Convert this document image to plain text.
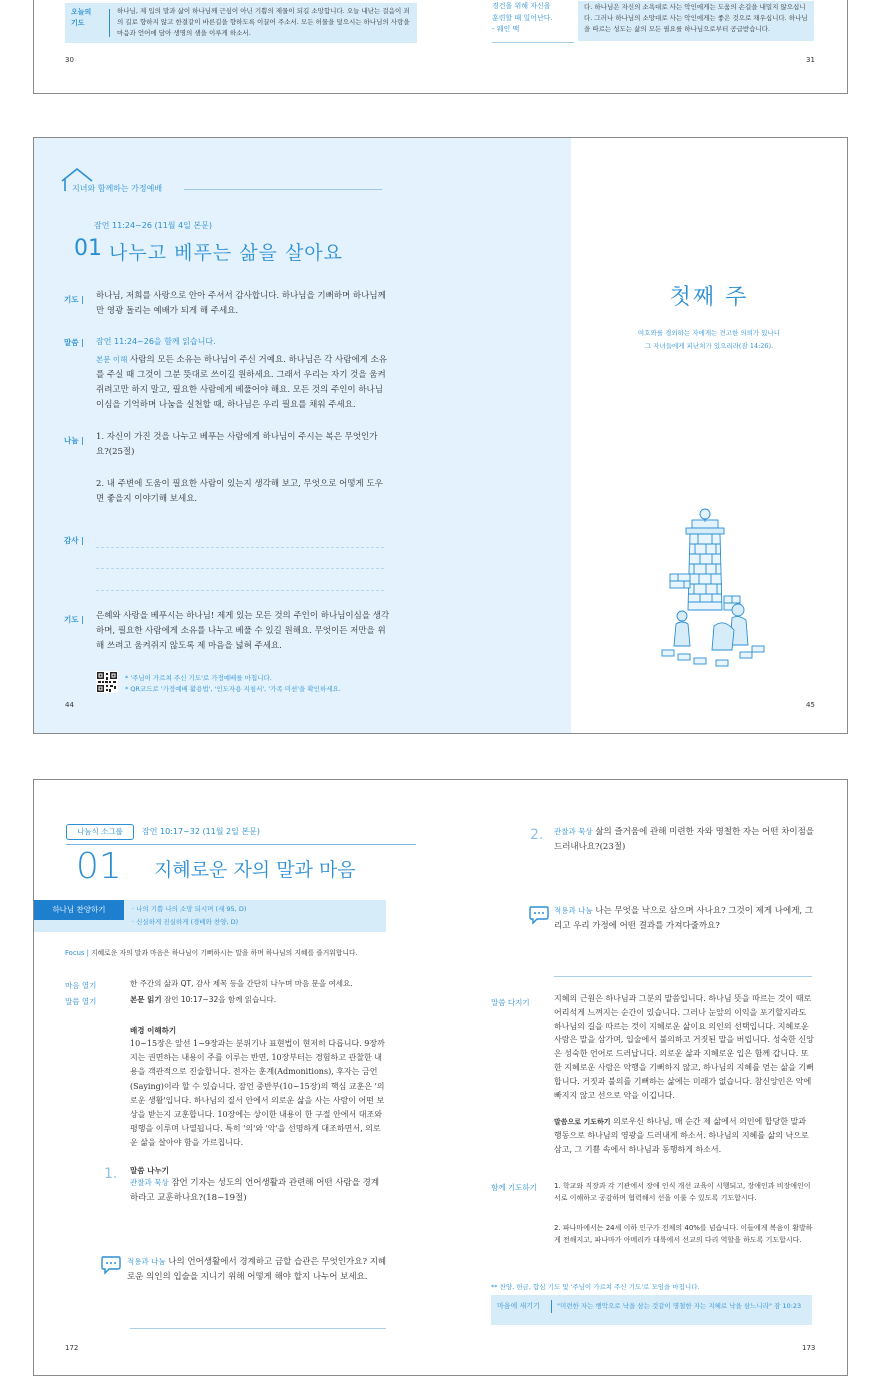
오늘의
기도
하나님, 제 입의 말과 삶이 하나님께 근심이 아닌 기쁨의 제물이 되길 소망합니다. 오늘 내난는 걸음이 죄의 길로 향하지 않고 한결같이 바른길을 향하도록 이끌어 주소서. 모든 허물을 덮으시는 하나님의 사랑을 마음과 언어에 담아 생명의 샘을 이루게 하소서.
30
경건을 위해 자신을
훈련할 때 일어난다.
- 웨인 맥
다. 하나님은 자신의 소욕대로 사는 악인에게는 도움의 손길을 내밀지 않으십니다. 그러나 하나님의 소망대로 사는 악인에게는 좋은 것으로 채우십니다. 하나님을 따르는 성도는 삶의 모든 필요를 하나님으로부터 공급받습니다.
31
지녀와 함께하는 가정예배
잠언 11:24~26 (11월 4일 본문)
01 나누고 베푸는 삶을 살아요
기도 | 하나님, 저희를 사랑으로 안아 주셔서 감사합니다. 하나님을 기뻐하며 하나님께만 영광 돌리는 예배가 되게 해 주세요.
말씀 | 잠언 11:24~26을 함께 읽습니다.
본문 이해 사람의 모든 소유는 하나님이 주신 거예요. 하나님은 각 사람에게 소유를 주실 때 그것이 그분 뜻대로 쓰이길 원하세요. 그래서 우리는 자기 것을 움켜쥐려고만 하지 말고, 필요한 사람에게 베풀어야 해요. 모든 것의 주인이 하나님이심을 기억하며 나눔을 실천할 때, 하나님은 우리 필요를 채워 주세요.
나눔 | 1. 자신이 가진 것을 나누고 베푸는 사람에게 하나님이 주시는 복은 무엇인가요?(25절)
2. 내 주변에 도움이 필요한 사람이 있는지 생각해 보고, 무엇으로 어떻게 도우면 좋을지 이야기해 보세요.
감사 |
기도 | 은혜와 사랑을 베푸시는 하나님! 제게 있는 모든 것의 주인이 하나님이심을 생각하며, 필요한 사람에게 소유를 나누고 베풀 수 있길 원해요. 무엇이든 저만을 위해 쓰려고 움켜쥐지 않도록 제 마음을 넓혀 주세요.
* '주님이 가르쳐 주신 기도'로 가정예배를 마칩니다.
* QR코드로 '가정예배 활용법', '인도자용 지침서', '가족 미션'을 확인하세요.
44
첫째 주
여호와를 경외하는 자에게는 견고한 의뢰가 있나니
그 자녀들에게 피난처가 있으리라(잠 14:26).
45
나눔식 소그룹	잠언 10:17~32 (11월 2일 본문)
01 지혜로운 자의 말과 마음
하나님 찬양하기	· 나의 기쁨 나의 소망 되시며 (새 95, D)
· 신실하게 진실하게 (경배와 찬양, D)
Focus | 지혜로운 자의 말과 마음은 하나님이 기뻐하시는 말을 하며 하나님의 지혜를 즐거워합니다.
마음 열기	한 주간의 삶과 QT, 감사 제목 등을 간단히 나누며 마음 문을 여세요.
말씀 열기	본문 읽기 잠언 10:17~32을 함께 읽습니다.
배경 이해하기
10~15장은 앞선 1~9장과는 분위기나 표현법이 현저히 다릅니다. 9장까지는 권면하는 내용이 주를 이루는 반면, 10장부터는 경험하고 관찰한 내용을 객관적으로 진술합니다. 전자는 훈계(Admonitions), 후자는 금언(Saying)이라 할 수 있습니다. 잠언 중반부(10~15장)의 핵심 교훈은 '의로운 생활'입니다. 하나님의 질서 안에서 의로운 삶을 사는 사람이 어떤 보상을 받는지 교훈합니다. 10장에는 상이한 내용이 한 구절 안에서 대조와 평행을 이루며 나열됩니다. 특히 '의'와 '악'을 선명하게 대조하면서, 의로운 삶을 살아야 함을 가르칩니다.
1. 말씀 나누기
관찰과 묵상 잠언 기자는 성도의 언어생활과 관련해 어떤 사람을 경계하라고 교훈하나요?(18~19절)
적용과 나눔 나의 언어생활에서 경계하고 금할 습관은 무엇인가요? 지혜로운 의인의 입술을 지니기 위해 어떻게 해야 할지 나누어 보세요.
172
2. 관찰과 묵상 삶의 즐거움에 관해 미련한 자와 명철한 자는 어떤 차이점을 드러내나요?(23절)
적용과 나눔 나는 무엇을 낙으로 삼으며 사나요? 그것이 제게 나에게, 그리고 우리 가정에 어떤 결과를 가져다줄까요?
말씀 다지기	지혜의 근원은 하나님과 그분의 말씀입니다. 하나님 뜻을 따르는 것이 때로 어리석게 느껴지는 순간이 있습니다. 그러나 눈앞의 이익을 포기할지라도 하나님의 길을 따르는 것이 지혜로운 삶이요 의인의 선택입니다. 지혜로운 사람은 말을 삼가며, 입술에서 불의하고 거짓된 말을 버립니다. 성숙한 신앙은 성숙한 언어로 드러납니다. 의로운 삶과 지혜로운 입은 함께 갑니다. 또한 지혜로운 사람은 악행을 기뻐하지 않고, 하나님의 지혜를 얻는 삶을 기뻐합니다. 거짓과 불의를 기뻐하는 삶에는 미래가 없습니다. 참신앙인은 악에 빠지지 않고 선으로 악을 이깁니다.
말씀으로 기도하기 의로우신 하나님, 매 순간 제 삶에서 의인에 합당한 말과 행동으로 하나님의 영광을 드러내게 하소서. 하나님의 지혜를 삶의 낙으로 삼고, 그 기쁨 속에서 하나님과 동행하게 하소서.
함께 기도하기 1. 학교와 직장과 각 기관에서 장애 인식 개선 교육이 시행되고, 장애인과 비장애인이 서로 이해하고 공감하며 협력해서 선을 이룰 수 있도록 기도합시다.
2. 파나마에서는 24세 이하 인구가 전체의 40%를 넘습니다. 이들에게 복음이 활발하게 전해지고, 파나마가 아메리카 대륙에서 선교의 다리 역할을 하도록 기도합시다.
** 찬양, 헌금, 합심 기도 및 '주님이 가르쳐 주신 기도'로 모임을 마칩니다.
마음에 새기기	"미련한 자는 행악으로 낙을 삼는 것같이 명철한 자는 지혜로 낙을 삼느니라" 잠 10:23
173
